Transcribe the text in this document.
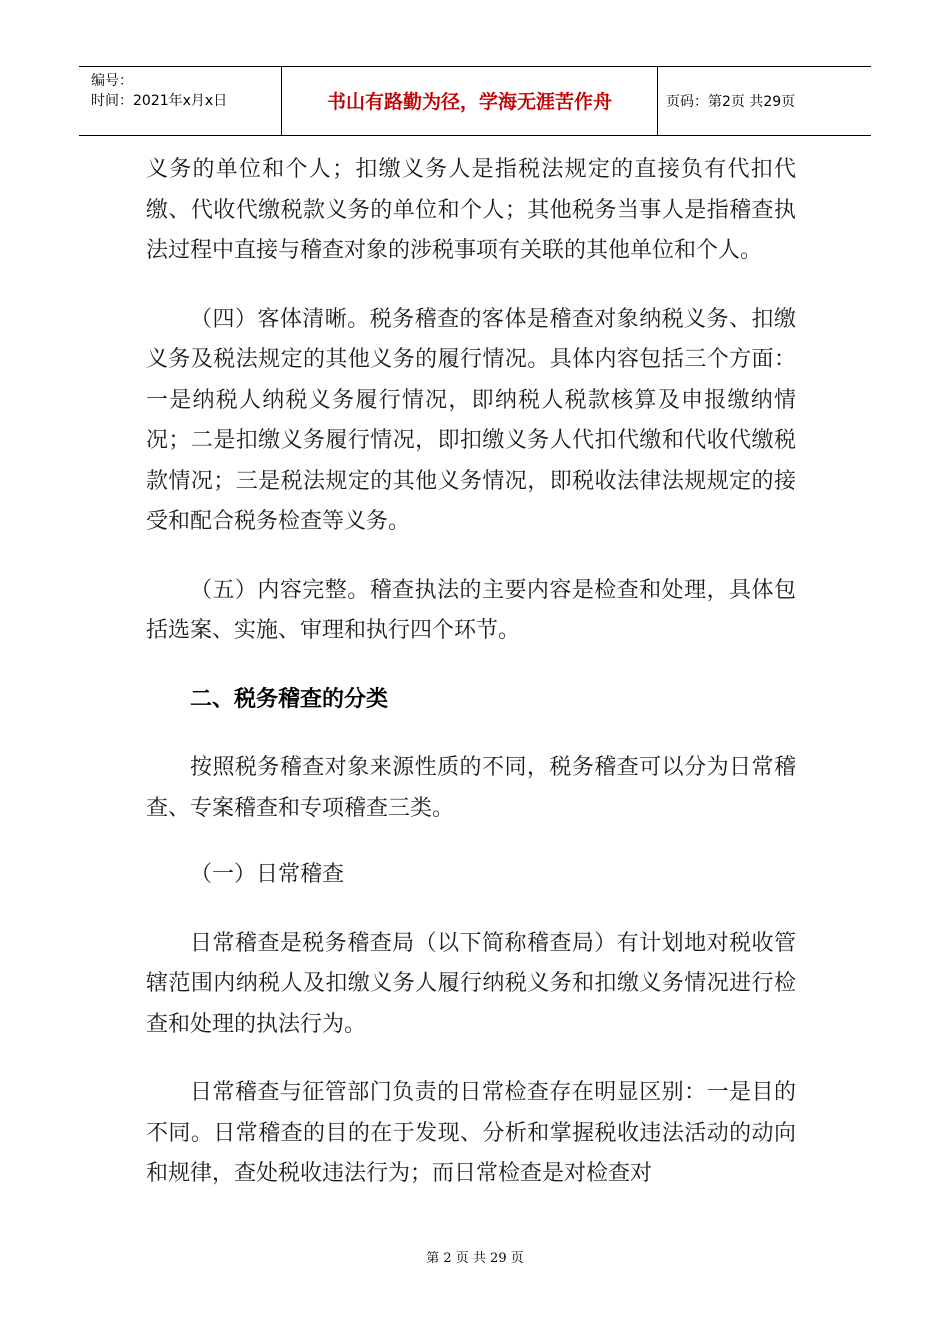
编号：
时间：2021年x月x日	书山有路勤为径，学海无涯苦作舟	页码：第2页 共29页

义务的单位和个人；扣缴义务人是指税法规定的直接负有代扣代缴、代收代缴税款义务的单位和个人；其他税务当事人是指稽查执法过程中直接与稽查对象的涉税事项有关联的其他单位和个人。

（四）客体清晰。税务稽查的客体是稽查对象纳税义务、扣缴义务及税法规定的其他义务的履行情况。具体内容包括三个方面：一是纳税人纳税义务履行情况，即纳税人税款核算及申报缴纳情况；二是扣缴义务履行情况，即扣缴义务人代扣代缴和代收代缴税款情况；三是税法规定的其他义务情况，即税收法律法规规定的接受和配合税务检查等义务。

（五）内容完整。稽查执法的主要内容是检查和处理，具体包括选案、实施、审理和执行四个环节。

二、税务稽查的分类

按照税务稽查对象来源性质的不同，税务稽查可以分为日常稽查、专案稽查和专项稽查三类。

（一）日常稽查

日常稽查是税务稽查局（以下简称稽查局）有计划地对税收管辖范围内纳税人及扣缴义务人履行纳税义务和扣缴义务情况进行检查和处理的执法行为。

日常稽查与征管部门负责的日常检查存在明显区别：一是目的不同。日常稽查的目的在于发现、分析和掌握税收违法活动的动向和规律，查处税收违法行为；而日常检查是对检查对

第 2 页 共 29 页
